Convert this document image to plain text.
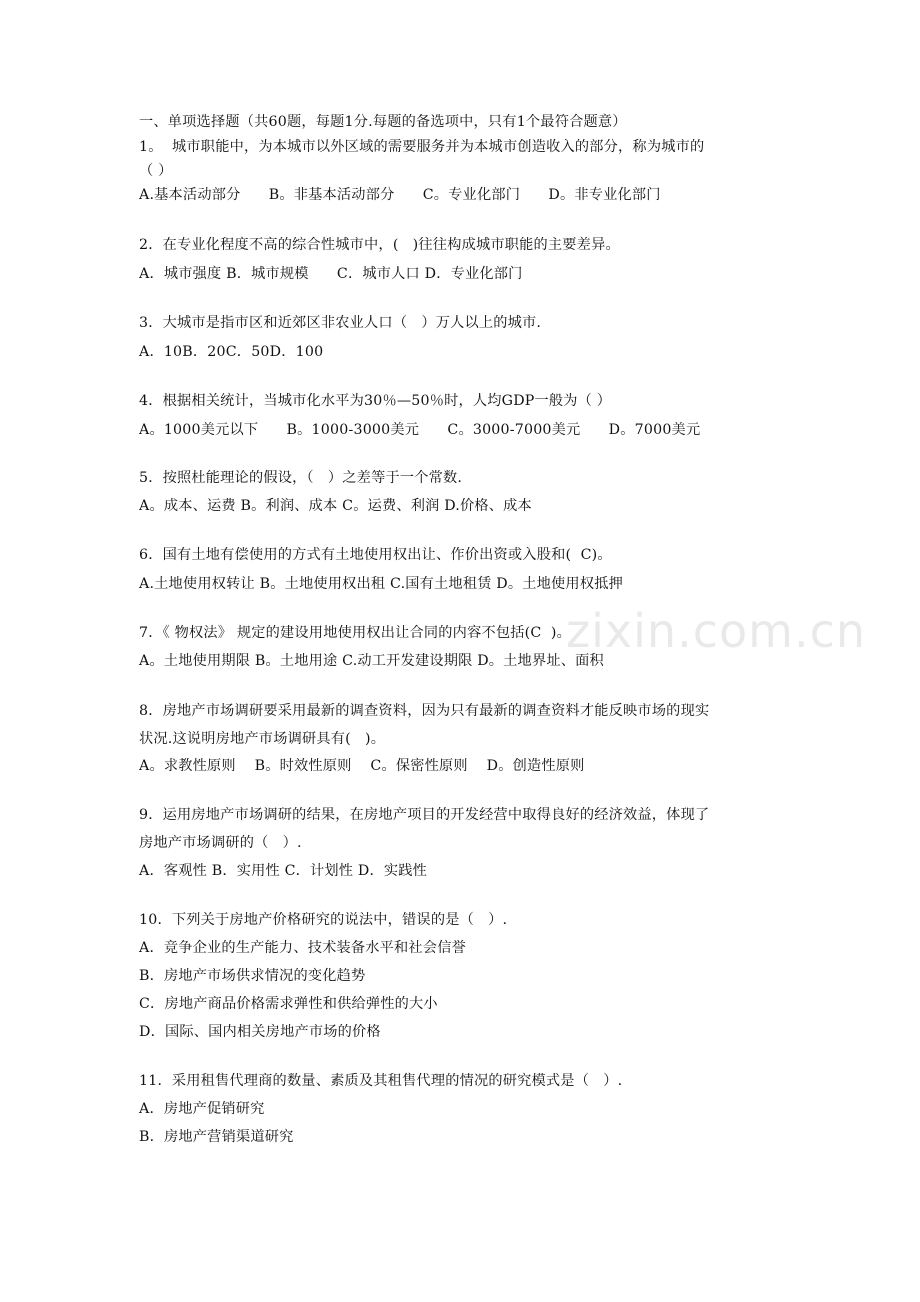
zixin.com.cn
一、单项选择题（共60题，每题1分.每题的备选项中，只有1个最符合题意）
1。  城市职能中，为本城市以外区域的需要服务并为本城市创造收入的部分，称为城市的
（ ）
A.基本活动部分      B。非基本活动部分      C。专业化部门      D。非专业化部门
2．在专业化程度不高的综合性城市中，(   )往往构成城市职能的主要差异。
A．城市强度 B．城市规模      C．城市人口 D．专业化部门
3．大城市是指市区和近郊区非农业人口（   ）万人以上的城市.
A．10B．20C．50D．100
4．根据相关统计，当城市化水平为30％—50％时，人均GDP一般为（ ）
A。1000美元以下      B。1000-3000美元      C。3000-7000美元      D。7000美元
5．按照杜能理论的假设，（   ）之差等于一个常数.
A。成本、运费 B。利润、成本 C。运费、利润 D.价格、成本
6．国有土地有偿使用的方式有土地使用权出让、作价出资或入股和(  C)。
A.土地使用权转让 B。土地使用权出租 C.国有土地租赁 D。土地使用权抵押
7．《 物权法》 规定的建设用地使用权出让合同的内容不包括(C  )。
A。土地使用期限 B。土地用途 C.动工开发建设期限 D。土地界址、面积
8．房地产市场调研要采用最新的调查资料，因为只有最新的调查资料才能反映市场的现实
状况.这说明房地产市场调研具有(   )。
A。求教性原则    B。时效性原则    C。保密性原则    D。创造性原则
9．运用房地产市场调研的结果，在房地产项目的开发经营中取得良好的经济效益，体现了
房地产市场调研的（   ）.
A．客观性 B．实用性 C．计划性 D．实践性
10．下列关于房地产价格研究的说法中，错误的是（   ）.
A．竞争企业的生产能力、技术装备水平和社会信誉
B．房地产市场供求情况的变化趋势
C．房地产商品价格需求弹性和供给弹性的大小
D．国际、国内相关房地产市场的价格
11．采用租售代理商的数量、素质及其租售代理的情况的研究模式是（   ）.
A．房地产促销研究
B．房地产营销渠道研究
